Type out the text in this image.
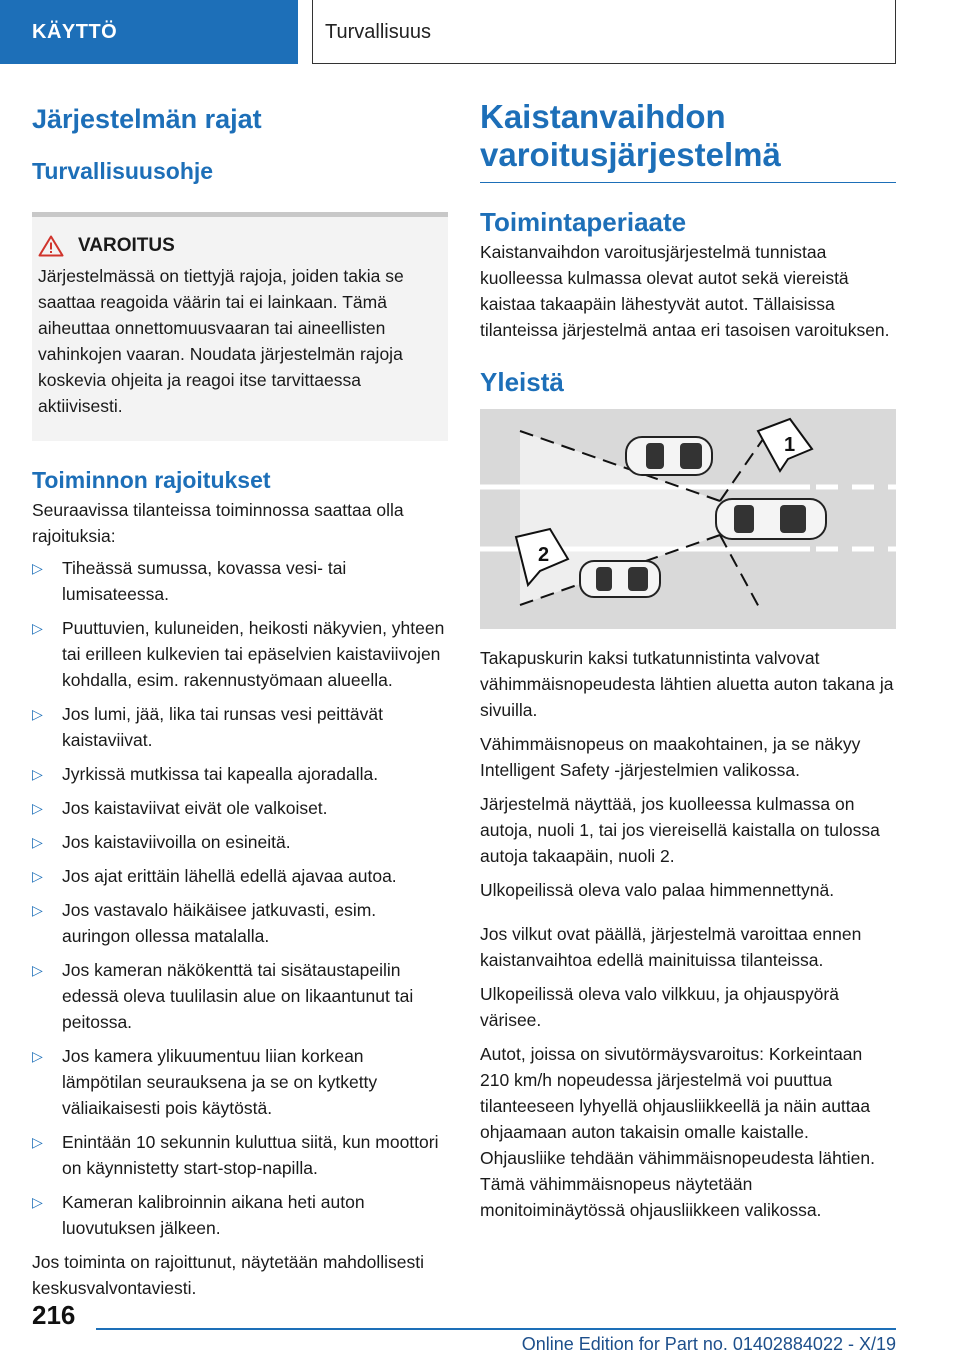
KÄYTTÖ	Turvallisuus
Järjestelmän rajat
Turvallisuusohje
VAROITUS

Järjestelmässä on tiettyjä rajoja, joiden takia se saattaa reagoida väärin tai ei lainkaan. Tämä aiheuttaa onnettomuusvaaran tai aineellisten vahinkojen vaaran. Noudata järjestelmän rajoja koskevia ohjeita ja reagoi itse tarvittaessa aktiivisesti.

Toiminnon rajoitukset

Seuraavissa tilanteissa toiminnossa saattaa olla rajoituksia:

▷ Tiheässä sumussa, kovassa vesi- tai lumisateessa.
▷ Puuttuvien, kuluneiden, heikosti näkyvien, yhteen tai erilleen kulkevien tai epäselvien kaistaviivojen kohdalla, esim. rakennustyömaan alueella.
▷ Jos lumi, jää, lika tai runsas vesi peittävät kaistaviivat.
▷ Jyrkissä mutkissa tai kapealla ajoradalla.
▷ Jos kaistaviivat eivät ole valkoiset.
▷ Jos kaistaviivoilla on esineitä.
▷ Jos ajat erittäin lähellä edellä ajavaa autoa.
▷ Jos vastavalo häikäisee jatkuvasti, esim. auringon ollessa matalalla.
▷ Jos kameran näkökenttä tai sisätaustapeilin edessä oleva tuulilasin alue on likaantunut tai peitossa.
▷ Jos kamera ylikuumentuu liian korkean lämpötilan seurauksena ja se on kytketty väliaikaisesti pois käytöstä.
▷ Enintään 10 sekunnin kuluttua siitä, kun moottori on käynnistetty start-stop-napilla.
▷ Kameran kalibroinnin aikana heti auton luovutuksen jälkeen.

Jos toiminta on rajoittunut, näytetään mahdollisesti keskusvalvontaviesti.

Kaistanvaihdon varoitusjärjestelmä
Toimintaperiaate

Kaistanvaihdon varoitusjärjestelmä tunnistaa kuolleessa kulmassa olevat autot sekä viereistä kaistaa takaapäin lähestyvät autot. Tällaisissa tilanteissa järjestelmä antaa eri tasoisen varoituksen.

Yleistä
1
2

Takapuskurin kaksi tutkatunnistinta valvovat vähimmäisnopeudesta lähtien aluetta auton takana ja sivuilla.

Vähimmäisnopeus on maakohtainen, ja se näkyy Intelligent Safety -järjestelmien valikossa.

Järjestelmä näyttää, jos kuolleessa kulmassa on autoja, nuoli 1, tai jos viereisellä kaistalla on tulossa autoja takaapäin, nuoli 2.

Ulkopeilissä oleva valo palaa himmennettynä.

Jos vilkut ovat päällä, järjestelmä varoittaa ennen kaistanvaihtoa edellä mainituissa tilanteissa.

Ulkopeilissä oleva valo vilkkuu, ja ohjauspyörä värisee.

Autot, joissa on sivutörmäysvaroitus: Korkeintaan 210 km/h nopeudessa järjestelmä voi puuttua tilanteeseen lyhyellä ohjausliikkeellä ja näin auttaa ohjaamaan auton takaisin omalle kaistalle. Ohjausliike tehdään vähimmäisnopeudesta lähtien. Tämä vähimmäisnopeus näytetään monitoiminäytössä ohjausliikkeen valikossa.

216
Online Edition for Part no. 01402884022 - X/19
